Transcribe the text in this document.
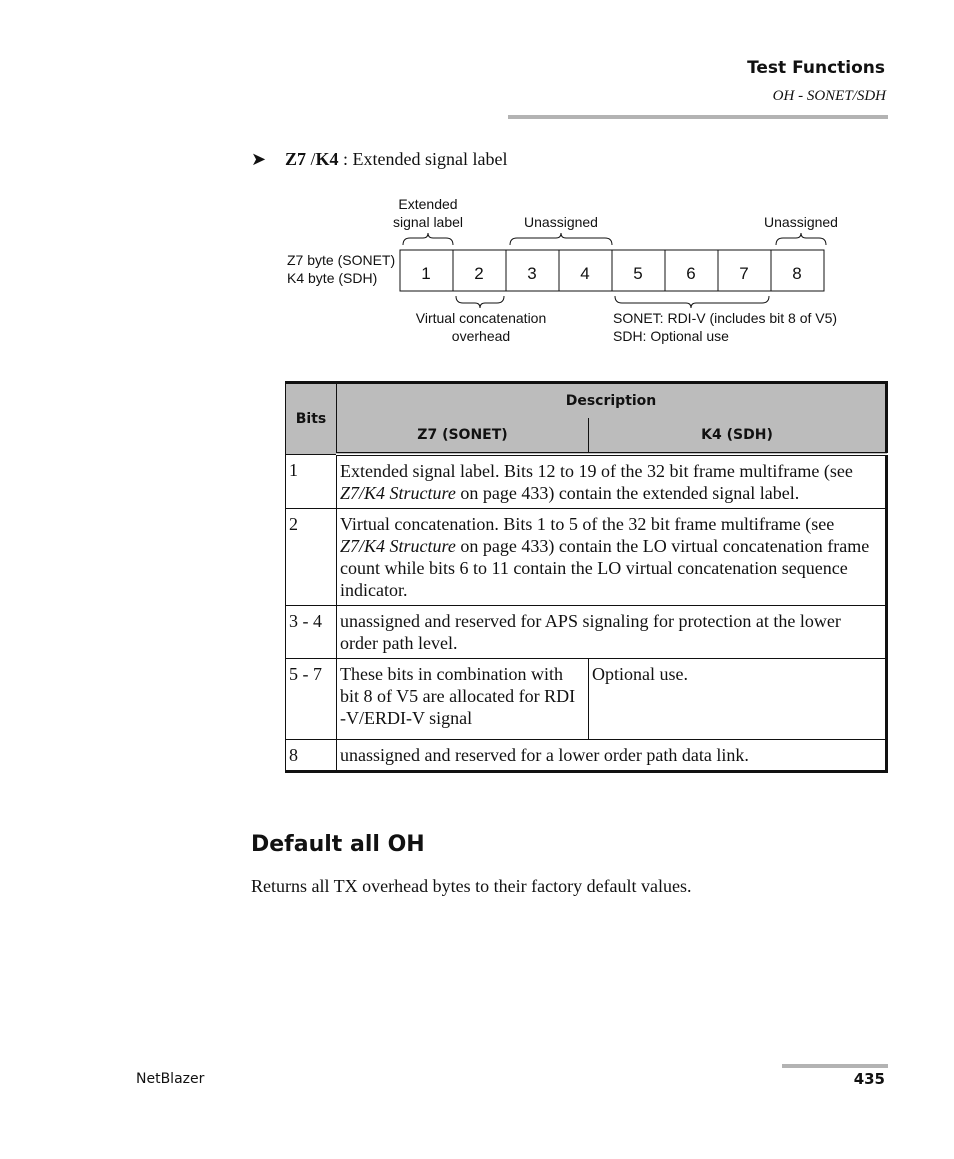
Test Functions
OH - SONET/SDH
➤ Z7 /K4 : Extended signal label
Extended
signal label	Unassigned	Unassigned
Z7 byte (SONET)
K4 byte (SDH)	1	2	3	4	5	6	7	8
Virtual concatenation
overhead
SONET: RDI-V (includes bit 8 of V5)
SDH: Optional use
Bits	Description	
	Z7 (SONET)	K4 (SDH)
1	Extended signal label. Bits 12 to 19 of the 32 bit frame multiframe (see Z7/K4 Structure on page 433) contain the extended signal label.	
2	Virtual concatenation. Bits 1 to 5 of the 32 bit frame multiframe (see Z7/K4 Structure on page 433) contain the LO virtual concatenation frame count while bits 6 to 11 contain the LO virtual concatenation sequence indicator.	
3 - 4	unassigned and reserved for APS signaling for protection at the lower order path level.	
5 - 7	These bits in combination with bit 8 of V5 are allocated for RDI -V/ERDI-V signal	Optional use.
8	unassigned and reserved for a lower order path data link.	
Default all OH
Returns all TX overhead bytes to their factory default values.
NetBlazer	435
